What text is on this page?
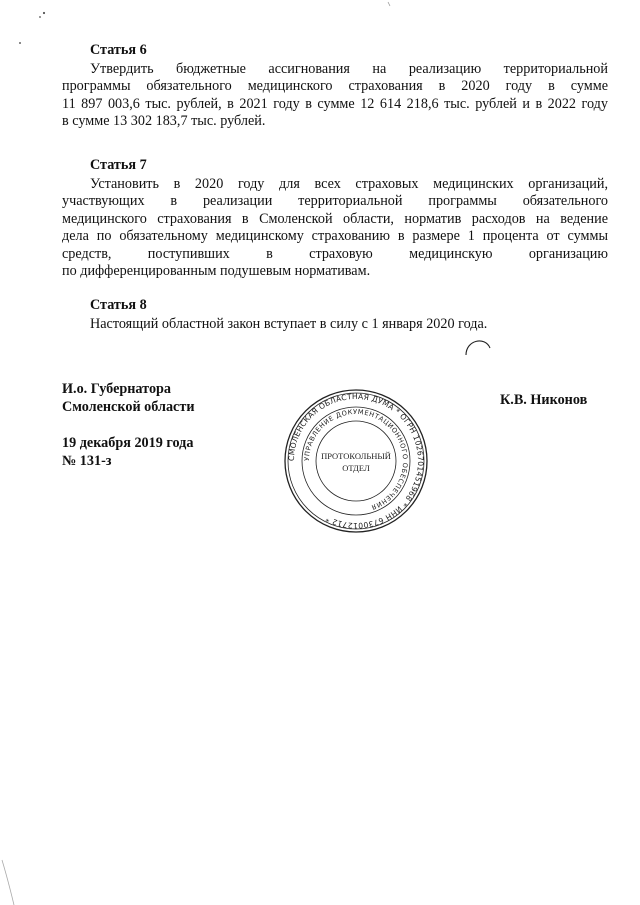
Статья 6
Утвердить бюджетные ассигнования на реализацию территориальной
программы обязательного медицинского страхования в 2020 году в сумме
11 897 003,6 тыс. рублей, в 2021 году в сумме 12 614 218,6 тыс. рублей и в 2022 году
в сумме 13 302 183,7 тыс. рублей.
Статья 7
Установить в 2020 году для всех страховых медицинских организаций,
участвующих в реализации территориальной программы обязательного
медицинского страхования в Смоленской области, норматив расходов на ведение
дела по обязательному медицинскому страхованию в размере 1 процента от суммы
средств, поступивших в страховую медицинскую организацию
по дифференцированным подушевым нормативам.
Статья 8
Настоящий областной закон вступает в силу с 1 января 2020 года.
И.о. Губернатора
Смоленской области	К.В. Никонов
19 декабря 2019 года
№ 131-з	СМОЛЕНСКАЯ ОБЛАСТНАЯ ДУМА * ОГРН 1026701451968 * ИНН 6730012712 *
УПРАВЛЕНИЕ ДОКУМЕНТАЦИОННОГО ОБЕСПЕЧЕНИЯ
ПРОТОКОЛЬНЫЙ
ОТДЕЛ
